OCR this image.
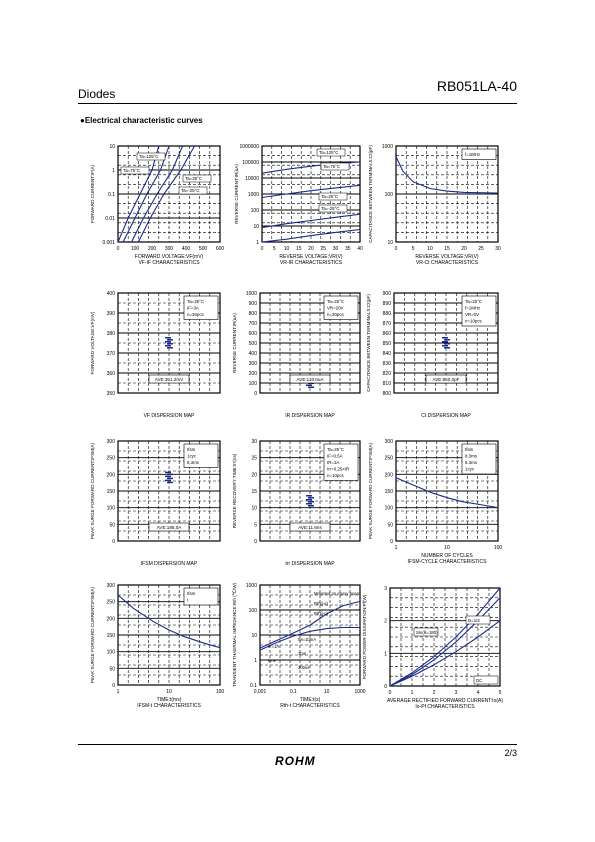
RB051LA-40
Diodes
●Electrical characteristic curves
0.001
0.01
0.1
1
10
0 100 200 300 400 500 600
FORWARD CURRENT:IF(A)
FORWARD VOLTAGE:VF(mV)
VF-IF CHARACTERISTICS
Ta=125°C
Ta=75°C
Ta=25°C
Ta=-25°C
1
10
100
1000
10000
100000
1000000
0 5 10 15 20 25 30 35 40
REVERSE CURRENT:IR(uA)
REVERSE VOLTAGE:VR(V)
VR-IR CHARACTERISTICS
Ta=125°C
Ta=75°C
Ta=25°C
Ta=-25°C
10
100
1000
0	5	10 15 20 25 30
CAPACITANCE BETWEEN TERMINALS:Ct(pF)
REVERSE VOLTAGE:VR(V)
VR-Ct CHARACTERISTICS
f=1MHz
350
360
370
380
390
400
FORWARD VOLTAGE:VF(mV)
VF DISPERSION MAP
AVE:361.2mV
Ta=25°C
IF=3A
n=30pcs
0
100
200
300
400
500
600
700
800
900
1000
REVERSE CURRENT:IR(uA)
IR DISPERSION MAP
AVE:110.0uA
Ta=25°C
VR=20V
n=30pcs
800
810
820
830
840
850
860
870
880
890
900
CAPACITANCE BETWEEN TERMINALS:Ct(pF)
Ct DISPERSION MAP
AVE:850.0pF
Ta=25°C
f=1MHz
VR=0V
n=10pcs
0
50
100
150
200
250
300
PEAK SURGE FORWARD CURRENT:IFSM(A)
IFSM DISPERSION MAP
AVE:188.0A
Ifsm
1cyc
8.3ms
0
5
10
15
20
25
30
REVERSE RECOVERY TIME:trr(ns)
trr DISPERSION MAP
AVE:11.6ns
Ta=25°C
IF=0.5A
IR=1A
Irr=0.25×IR
n=10pcs
0
50
100
150
200
250
300
1	10	100
PEAK SURGE FORWARD CURRENT:IFSM(A)
NUMBER OF CYCLES
IFSM-CYCLE CHARACTERISTICS
Ifsm
8.3ms
8.3ms
1cyc
0
50
100
150
200
250
300
1	10	100
PEAK SURGE FORWARD CURRENT:IFSM(A)
TIME:t(ms)
IFSM-t CHARACTERISTICS
Ifsm
t
0.1
1
10
100
1000
0.001	0.1	10	1000
TRANSIENT THAERMAL IMPEDANCE:Rth (℃/W)
TIME:t(s)
Rth-t CHARACTERISTICS
Mounted on epoxy board
Rth(j-a)
Rth(j-c)
IM=10mA
IF=1A
1ms
time
300us
0
1
2
3
0	1	2	3	4	5
FORWARD POWER DISSIPATION:Pf(W)
AVERAGE RECTIFIED FORWARD CURRENT:Io(A)
Io-Pf CHARACTERISTICS
Sin(θ=180)
D=1/2
DC
2/3
ROHM
